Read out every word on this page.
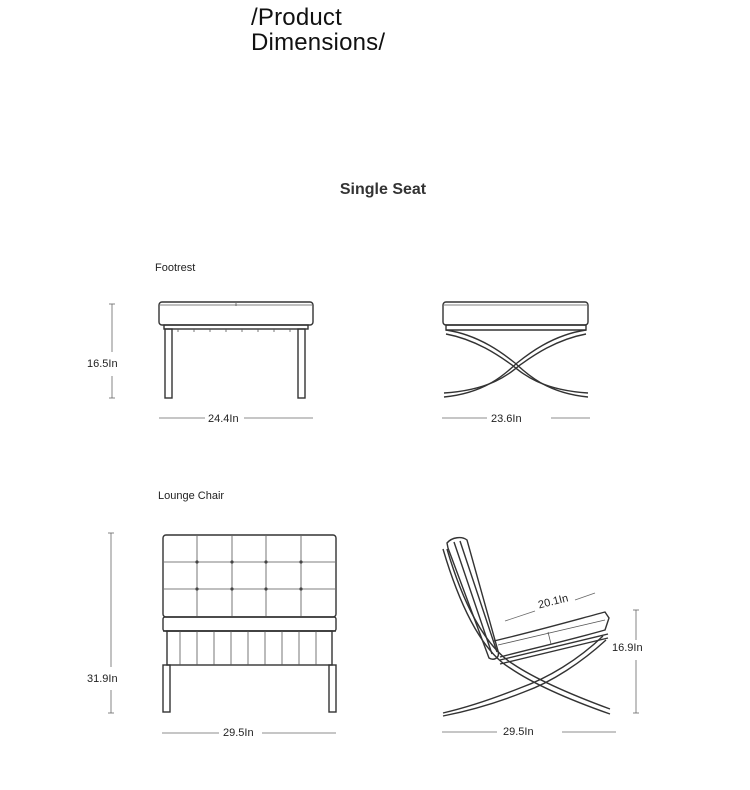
/Product
Dimensions/
Single Seat
Footrest
16.5In
24.4In	23.6In
Lounge Chair
31.9In
29.5In	29.5In
20.1In
16.9In
